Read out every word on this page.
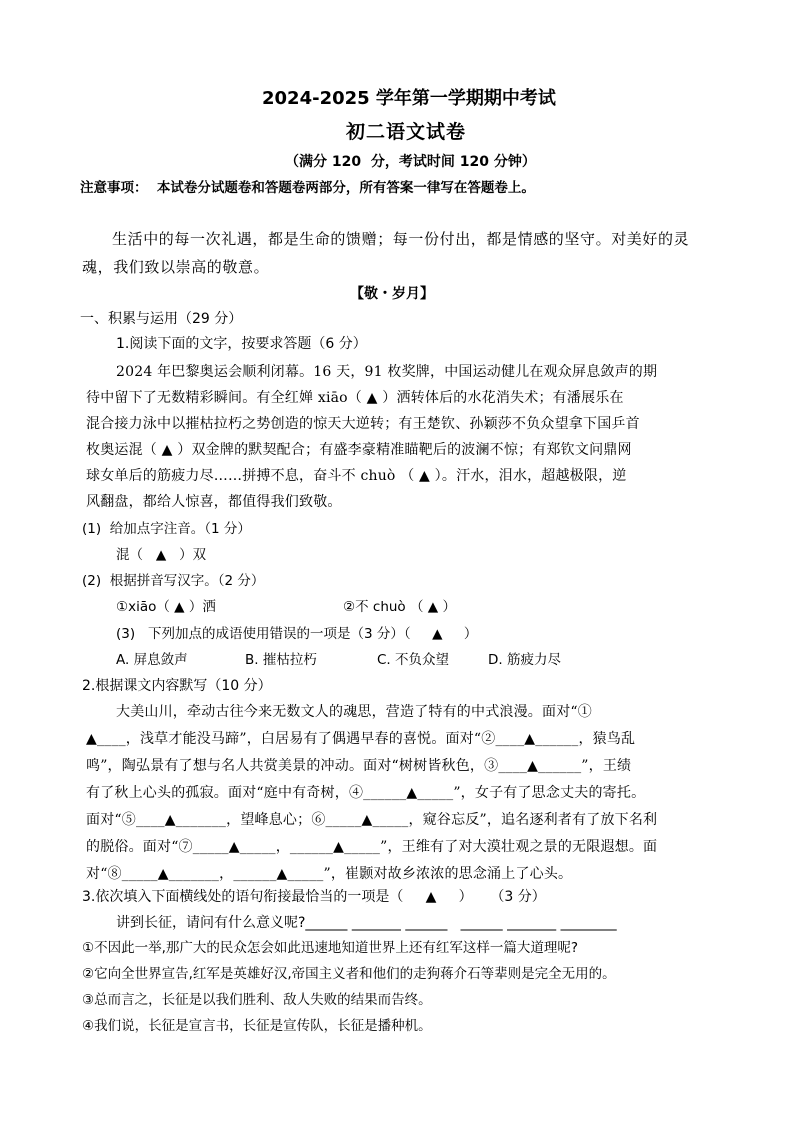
2024-2025 学年第一学期期中考试
初二语文试卷
（满分 120  分，考试时间 120 分钟）
注意事项：  本试卷分试题卷和答题卷两部分，所有答案一律写在答题卷上。
生活中的每一次礼遇，都是生命的馈赠；每一份付出，都是情感的坚守。对美好的灵
魂，我们致以崇高的敬意。
【敬・岁月】
一、积累与运用（29 分）
1.阅读下面的文字，按要求答题（6 分）
2024 年巴黎奥运会顺利闭幕。16 天，91 枚奖牌，中国运动健儿在观众屏息敛声的期
待中留下了无数精彩瞬间。有全红婵 xiāo（ ▲ ）洒转体后的水花消失术；有潘展乐在
混合接力泳中以摧枯拉朽之势创造的惊天大逆转；有王楚钦、孙颖莎不负众望拿下国乒首
枚奥运混（ ▲ ）双金牌的默契配合；有盛李豪精准瞄靶后的波澜不惊；有郑钦文问鼎网
球女单后的筋疲力尽……拼搏不息，奋斗不 chuò （ ▲ ）。汗水，泪水，超越极限，逆
风翻盘，都给人惊喜，都值得我们致敬。
(1)  给加点字注音。（1 分）
混（   ▲   ）双
(2)  根据拼音写汉字。（2 分）
①xiāo（ ▲ ）洒	②不 chuò （ ▲ ）
(3)   下列加点的成语使用错误的一项是（3 分）（     ▲     ）
A. 屏息敛声	B. 摧枯拉朽	C. 不负众望	D. 筋疲力尽
2.根据课文内容默写（10 分）
大美山川，牵动古往今来无数文人的魂思，营造了特有的中式浪漫。面对“①
▲____，浅草才能没马蹄”，白居易有了偶遇早春的喜悦。面对“②____▲______，猿鸟乱
鸣”，陶弘景有了想与名人共赏美景的冲动。面对“树树皆秋色，③____▲______”，王绩
有了秋上心头的孤寂。面对“庭中有奇树，④______▲_____”，女子有了思念丈夫的寄托。
面对“⑤____▲_______，望峰息心；⑥_____▲_____，窥谷忘反”，追名逐利者有了放下名利
的脱俗。面对“⑦_____▲_____，______▲_____”，王维有了对大漠壮观之景的无限遐想。面
对“⑧_____▲_______，______▲_____”，崔颢对故乡浓浓的思念涌上了心头。
3.依次填入下面横线处的语句衔接最恰当的一项是（     ▲     ）    （3 分）
讲到长征，请问有什么意义呢?______ _______ ______   ______ _______ ________
①不因此一举,那广大的民众怎会如此迅速地知道世界上还有红军这样一篇大道理呢?
②它向全世界宣告,红军是英雄好汉,帝国主义者和他们的走狗蒋介石等辈则是完全无用的。
③总而言之，长征是以我们胜利、敌人失败的结果而告终。
④我们说，长征是宣言书，长征是宣传队，长征是播种机。
